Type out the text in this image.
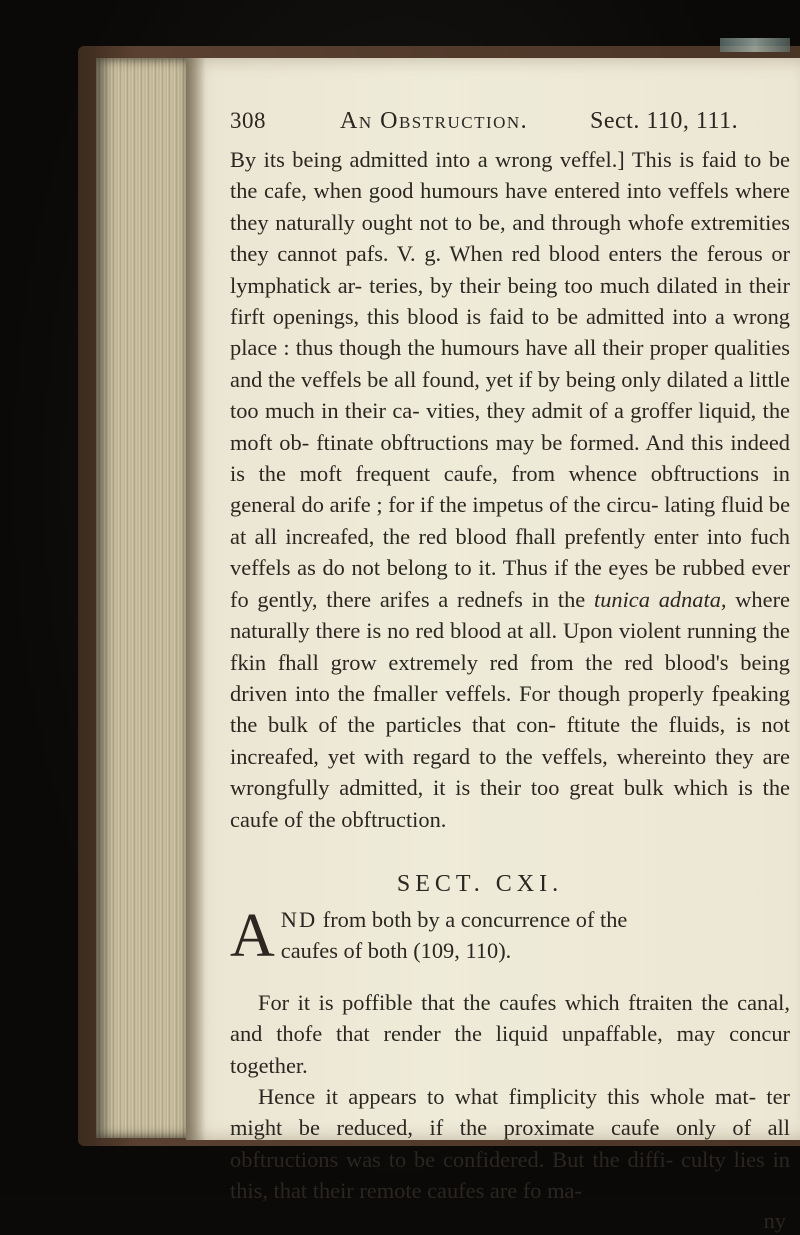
308	An Obstruction.	Sect. 110, 111.

By its being admitted into a wrong veffel.] This is faid to be the cafe, when good humours have entered into veffels where they naturally ought not to be, and through whofe extremities they cannot pafs. V. g. When red blood enters the ferous or lymphatick ar- teries, by their being too much dilated in their firft openings, this blood is faid to be admitted into a wrong place : thus though the humours have all their proper qualities and the veffels be all found, yet if by being only dilated a little too much in their ca- vities, they admit of a groffer liquid, the moft ob- ftinate obftructions may be formed. And this indeed is the moft frequent caufe, from whence obftructions in general do arife ; for if the impetus of the circu- lating fluid be at all increafed, the red blood fhall prefently enter into fuch veffels as do not belong to it. Thus if the eyes be rubbed ever fo gently, there arifes a rednefs in the tunica adnata, where naturally there is no red blood at all. Upon violent running the fkin fhall grow extremely red from the red blood's being driven into the fmaller veffels. For though properly fpeaking the bulk of the particles that con- ftitute the fluids, is not increafed, yet with regard to the veffels, whereinto they are wrongfully admitted, it is their too great bulk which is the caufe of the obftruction.

SECT. CXI.
A ND from both by a concurrence of the
caufes of both (109, 110).

For it is poffible that the caufes which ftraiten the canal, and thofe that render the liquid unpaffable, may concur together.

Hence it appears to what fimplicity this whole mat- ter might be reduced, if the proximate caufe only of all obftructions was to be confidered. But the diffi- culty lies in this, that their remote caufes are fo ma-

ny
